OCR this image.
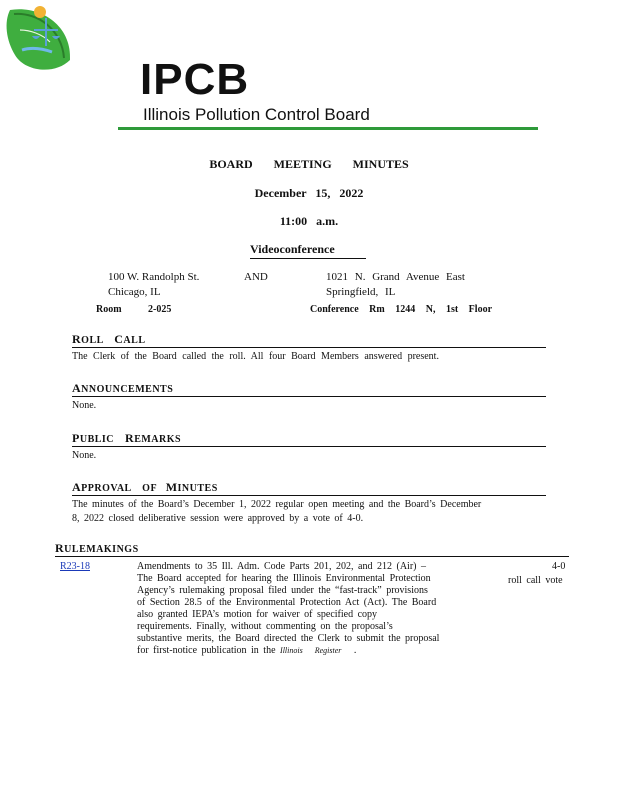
IPCB
Illinois Pollution Control Board
BOARD MEETING MINUTES
December 15, 2022
11:00 a.m.
Videoconference
100 W. Randolph St.
Chicago, IL
Room 2-025
AND	1021 N. Grand Avenue East
Springfield, IL
Conference Rm 1244 N, 1st Floor
ROLL CALL
The Clerk of the Board called the roll. All four Board Members answered present.
ANNOUNCEMENTS
None.
PUBLIC REMARKS
None.
APPROVAL OF MINUTES
The minutes of the Board’s December 1, 2022 regular open meeting and the Board’s December
8, 2022 closed deliberative session were approved by a vote of 4-0.
RULEMAKINGS
R23-18	Amendments to 35 Ill. Adm. Code Parts 201, 202, and 212 (Air) –
The Board accepted for hearing the Illinois Environmental Protection
Agency’s rulemaking proposal filed under the “fast-track” provisions
of Section 28.5 of the Environmental Protection Act (Act). The Board
also granted IEPA’s motion for waiver of specified copy
requirements. Finally, without commenting on the proposal’s
substantive merits, the Board directed the Clerk to submit the proposal
for first-notice publication in the Illinois Register .
4-0
roll call vote
